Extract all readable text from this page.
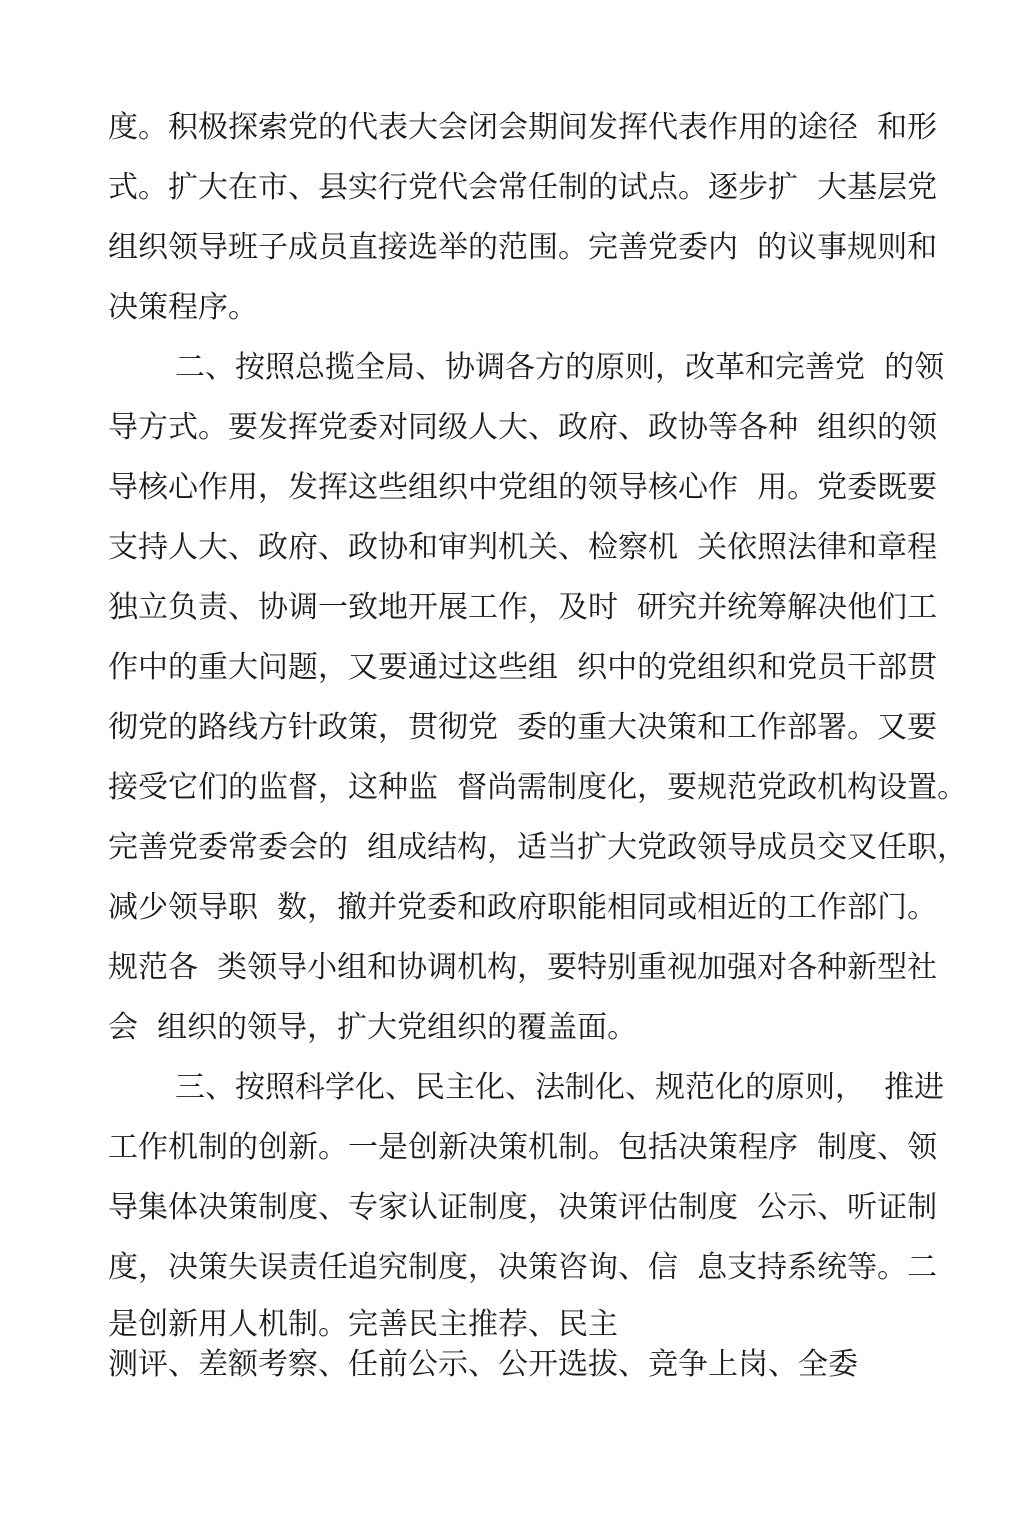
度。积极探索党的代表大会闭会期间发挥代表作用的途径  和形

式。扩大在市、县实行党代会常任制的试点。逐步扩  大基层党

组织领导班子成员直接选举的范围。完善党委内  的议事规则和

决策程序。

二、按照总揽全局、协调各方的原则，改革和完善党  的领

导方式。要发挥党委对同级人大、政府、政协等各种  组织的领

导核心作用，发挥这些组织中党组的领导核心作  用。党委既要

支持人大、政府、政协和审判机关、检察机  关依照法律和章程

独立负责、协调一致地开展工作，及时  研究并统筹解决他们工

作中的重大问题，又要通过这些组  织中的党组织和党员干部贯

彻党的路线方针政策，贯彻党  委的重大决策和工作部署。又要

接受它们的监督，这种监  督尚需制度化，要规范党政机构设置。

完善党委常委会的  组成结构，适当扩大党政领导成员交叉任职，

减少领导职  数，撤并党委和政府职能相同或相近的工作部门。

规范各  类领导小组和协调机构，要特别重视加强对各种新型社

会  组织的领导，扩大党组织的覆盖面。

三、按照科学化、民主化、法制化、规范化的原则，  推进

工作机制的创新。一是创新决策机制。包括决策程序  制度、领

导集体决策制度、专家认证制度，决策评估制度  公示、听证制

度，决策失误责任追究制度，决策咨询、信  息支持系统等。二

是创新用人机制。完善民主推荐、民主

测评、差额考察、任前公示、公开选拔、竞争上岗、全委
